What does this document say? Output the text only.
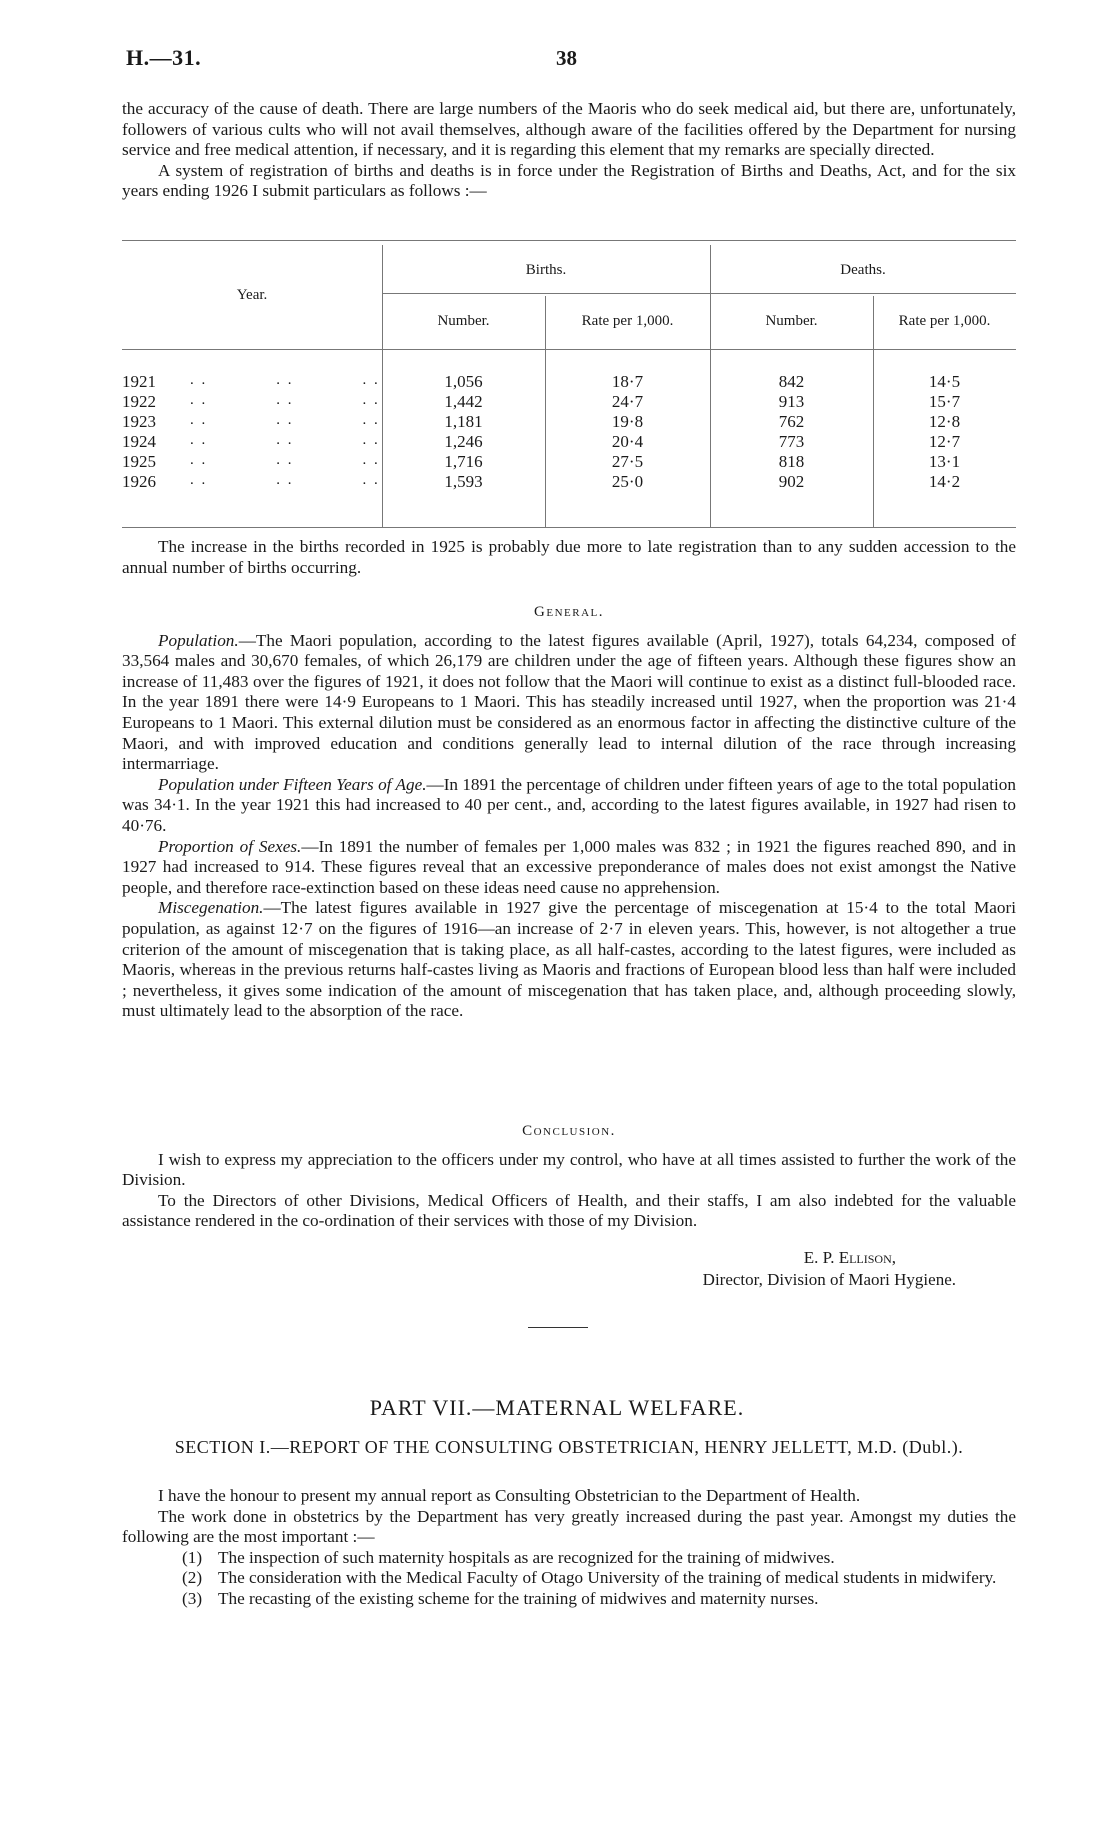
H.—31.	38

the accuracy of the cause of death. There are large numbers of the Maoris who do seek medical aid, but there are, unfortunately, followers of various cults who will not avail themselves, although aware of the facilities offered by the Department for nursing service and free medical attention, if necessary, and it is regarding this element that my remarks are specially directed.

A system of registration of births and deaths is in force under the Registration of Births and Deaths, Act, and for the six years ending 1926 I submit particulars as follows :—

Year.
Births.	Deaths.
Number.	Rate per 1,000.	Number.	Rate per 1,000.
1921 . .            . .            . .	1,056	18·7	842	14·5
1922 . .            . .            . .	1,442	24·7	913	15·7
1923 . .            . .            . .	1,181	19·8	762	12·8
1924 . .            . .            . .	1,246	20·4	773	12·7
1925 . .            . .            . .	1,716	27·5	818	13·1
1926 . .            . .            . .	1,593	25·0	902	14·2

The increase in the births recorded in 1925 is probably due more to late registration than to any sudden accession to the annual number of births occurring.

General.

Population.—The Maori population, according to the latest figures available (April, 1927), totals 64,234, composed of 33,564 males and 30,670 females, of which 26,179 are children under the age of fifteen years. Although these figures show an increase of 11,483 over the figures of 1921, it does not follow that the Maori will continue to exist as a distinct full-blooded race. In the year 1891 there were 14·9 Europeans to 1 Maori. This has steadily increased until 1927, when the proportion was 21·4 Europeans to 1 Maori. This external dilution must be considered as an enormous factor in affecting the distinctive culture of the Maori, and with improved education and conditions generally lead to internal dilution of the race through increasing intermarriage.

Population under Fifteen Years of Age.—In 1891 the percentage of children under fifteen years of age to the total population was 34·1. In the year 1921 this had increased to 40 per cent., and, according to the latest figures available, in 1927 had risen to 40·76.

Proportion of Sexes.—In 1891 the number of females per 1,000 males was 832 ; in 1921 the figures reached 890, and in 1927 had increased to 914. These figures reveal that an excessive preponderance of males does not exist amongst the Native people, and therefore race-extinction based on these ideas need cause no apprehension.

Miscegenation.—The latest figures available in 1927 give the percentage of miscegenation at 15·4 to the total Maori population, as against 12·7 on the figures of 1916—an increase of 2·7 in eleven years. This, however, is not altogether a true criterion of the amount of miscegenation that is taking place, as all half-castes, according to the latest figures, were included as Maoris, whereas in the previous returns half-castes living as Maoris and fractions of European blood less than half were included ; nevertheless, it gives some indication of the amount of miscegenation that has taken place, and, although proceeding slowly, must ultimately lead to the absorption of the race.

Conclusion.

I wish to express my appreciation to the officers under my control, who have at all times assisted to further the work of the Division.

To the Directors of other Divisions, Medical Officers of Health, and their staffs, I am also indebted for the valuable assistance rendered in the co-ordination of their services with those of my Division.

E. P. Ellison,
Director, Division of Maori Hygiene.
PART VII.—MATERNAL WELFARE.
SECTION I.—REPORT OF THE CONSULTING OBSTETRICIAN, HENRY JELLETT, M.D. (Dubl.).

I have the honour to present my annual report as Consulting Obstetrician to the Department of Health.

The work done in obstetrics by the Department has very greatly increased during the past year. Amongst my duties the following are the most important :—

(1) The inspection of such maternity hospitals as are recognized for the training of midwives.

(2) The consideration with the Medical Faculty of Otago University of the training of medical students in midwifery.

(3) The recasting of the existing scheme for the training of midwives and maternity nurses.
